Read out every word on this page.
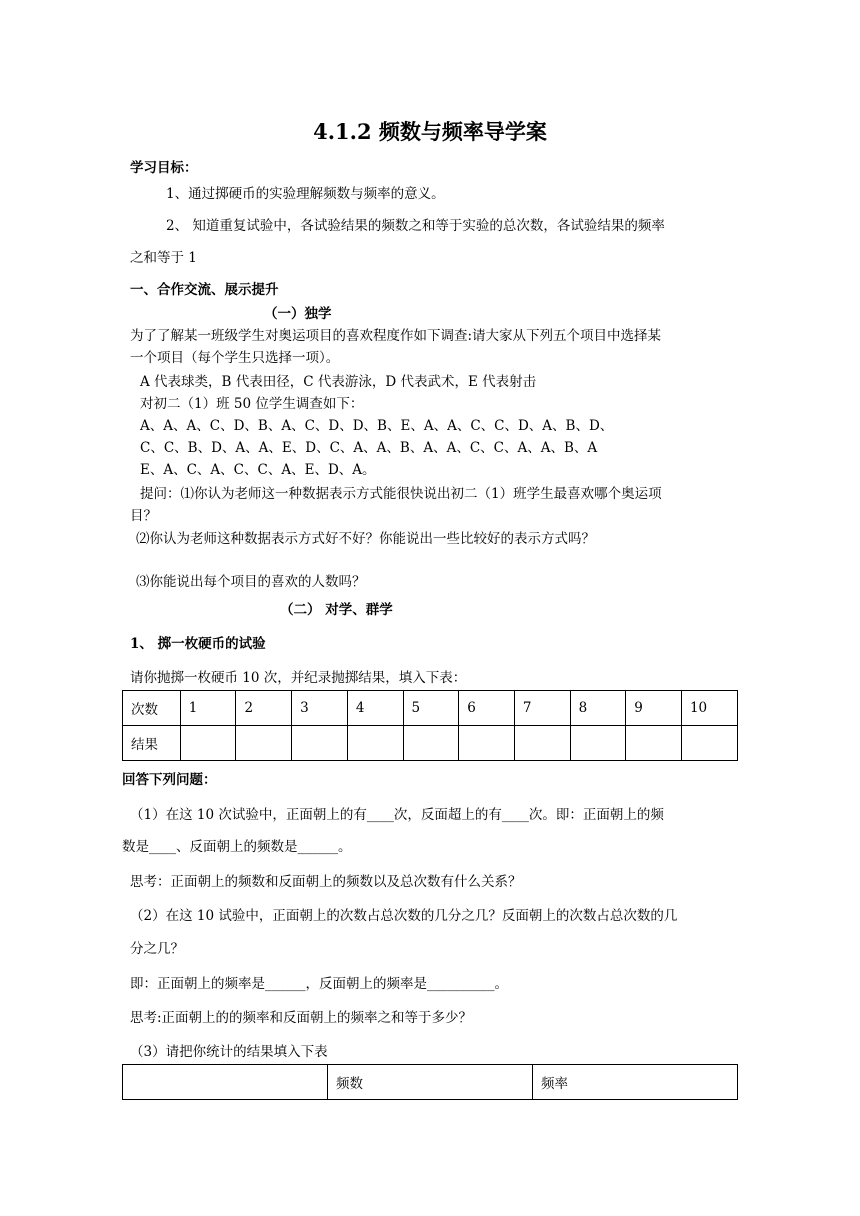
4.1.2 频数与频率导学案
学习目标：
1、通过掷硬币的实验理解频数与频率的意义。
2、 知道重复试验中，各试验结果的频数之和等于实验的总次数，各试验结果的频率
之和等于 1
一、合作交流、展示提升
（一）独学
为了了解某一班级学生对奥运项目的喜欢程度作如下调查:请大家从下列五个项目中选择某
一个项目（每个学生只选择一项）。
A 代表球类，B 代表田径，C 代表游泳，D 代表武术，E 代表射击
对初二（1）班 50 位学生调查如下：
A、A、A、C、D、B、A、C、D、D、B、E、A、A、C、C、D、A、B、D、
C、C、B、D、A、A、E、D、C、A、A、B、A、A、C、C、A、A、B、A
E、A、C、A、C、C、A、E、D、A。
提问：⑴你认为老师这一种数据表示方式能很快说出初二（1）班学生最喜欢哪个奥运项
目？
⑵你认为老师这种数据表示方式好不好？你能说出一些比较好的表示方式吗？
⑶你能说出每个项目的喜欢的人数吗？
（二） 对学、群学
1、 掷一枚硬币的试验
请你抛掷一枚硬币 10 次，并纪录抛掷结果，填入下表：
次数	1	2	3	4	5	6	7	8	9	10
结果										
回答下列问题：
（1）在这 10 次试验中，正面朝上的有____次，反面超上的有____次。即：正面朝上的频
数是____、反面朝上的频数是______。
思考：正面朝上的频数和反面朝上的频数以及总次数有什么关系？
（2）在这 10 试验中，正面朝上的次数占总次数的几分之几？反面朝上的次数占总次数的几
分之几？
即：正面朝上的频率是______，反面朝上的频率是__________。
思考:正面朝上的的频率和反面朝上的频率之和等于多少？
（3）请把你统计的结果填入下表
	频数	频率
